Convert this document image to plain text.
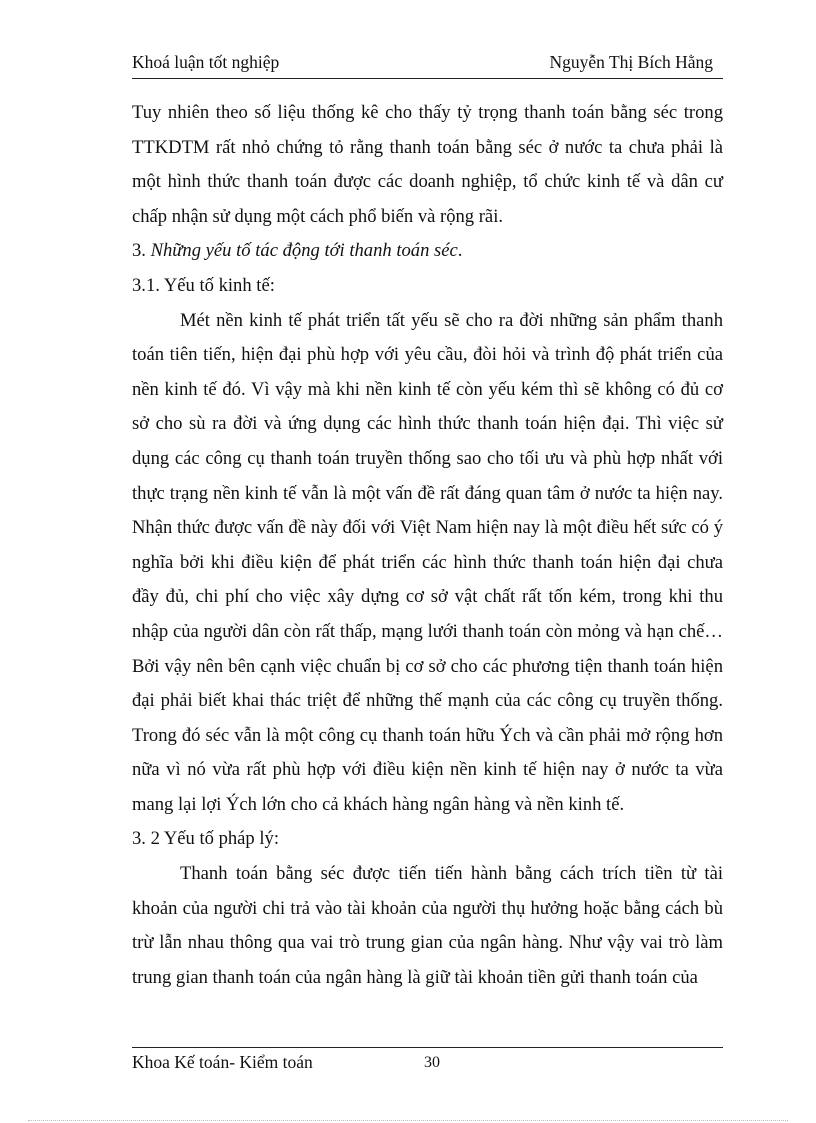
Khoá luận tốt nghiệp	Nguyễn Thị Bích Hằng

Tuy nhiên theo số liệu thống kê cho thấy tỷ trọng thanh toán bằng séc trong TTKDTM rất nhỏ chứng tỏ rằng thanh toán bằng séc ở nước ta chưa phải là một hình thức thanh toán được các doanh nghiệp, tổ chức kinh tế và dân cư chấp nhận sử dụng một cách phổ biến và rộng rãi.

3. Những yếu tố tác động tới thanh toán séc.

3.1. Yếu tố kinh tế:

Mét nền kinh tế phát triển tất yếu sẽ cho ra đời những sản phẩm thanh toán tiên tiến, hiện đại phù hợp với yêu cầu, đòi hỏi và trình độ phát triển của nền kinh tế đó. Vì vậy mà khi nền kinh tế còn yếu kém thì sẽ không có đủ cơ sở cho sù ra đời và ứng dụng các hình thức thanh toán hiện đại. Thì việc sử dụng các công cụ thanh toán truyền thống sao cho tối ưu và phù hợp nhất với thực trạng nền kinh tế vẫn là một vấn đề rất đáng quan tâm ở nước ta hiện nay. Nhận thức được vấn đề này đối với Việt Nam hiện nay là một điều hết sức có ý nghĩa bởi khi điều kiện để phát triển các hình thức thanh toán hiện đại chưa đầy đủ, chi phí cho việc xây dựng cơ sở vật chất rất tốn kém, trong khi thu nhập của người dân còn rất thấp, mạng lưới thanh toán còn mỏng và hạn chế…Bởi vậy nên bên cạnh việc chuẩn bị cơ sở cho các phương tiện thanh toán hiện đại phải biết khai thác triệt để những thế mạnh của các công cụ truyền thống. Trong đó séc vẫn là một công cụ thanh toán hữu Ých và cần phải mở rộng hơn nữa vì nó vừa rất phù hợp với điều kiện nền kinh tế hiện nay ở nước ta vừa mang lại lợi Ých lớn cho cả khách hàng ngân hàng và nền kinh tế.

3. 2 Yếu tố pháp lý:

Thanh toán bằng séc được tiến tiến hành bằng cách trích tiền từ tài khoản của người chi trả vào tài khoản của người thụ hưởng hoặc bằng cách bù trừ lẫn nhau thông qua vai trò trung gian của ngân hàng. Như vậy vai trò làm trung gian thanh toán của ngân hàng là giữ tài khoản tiền gửi thanh toán của

Khoa Kế toán- Kiểm toán	30
